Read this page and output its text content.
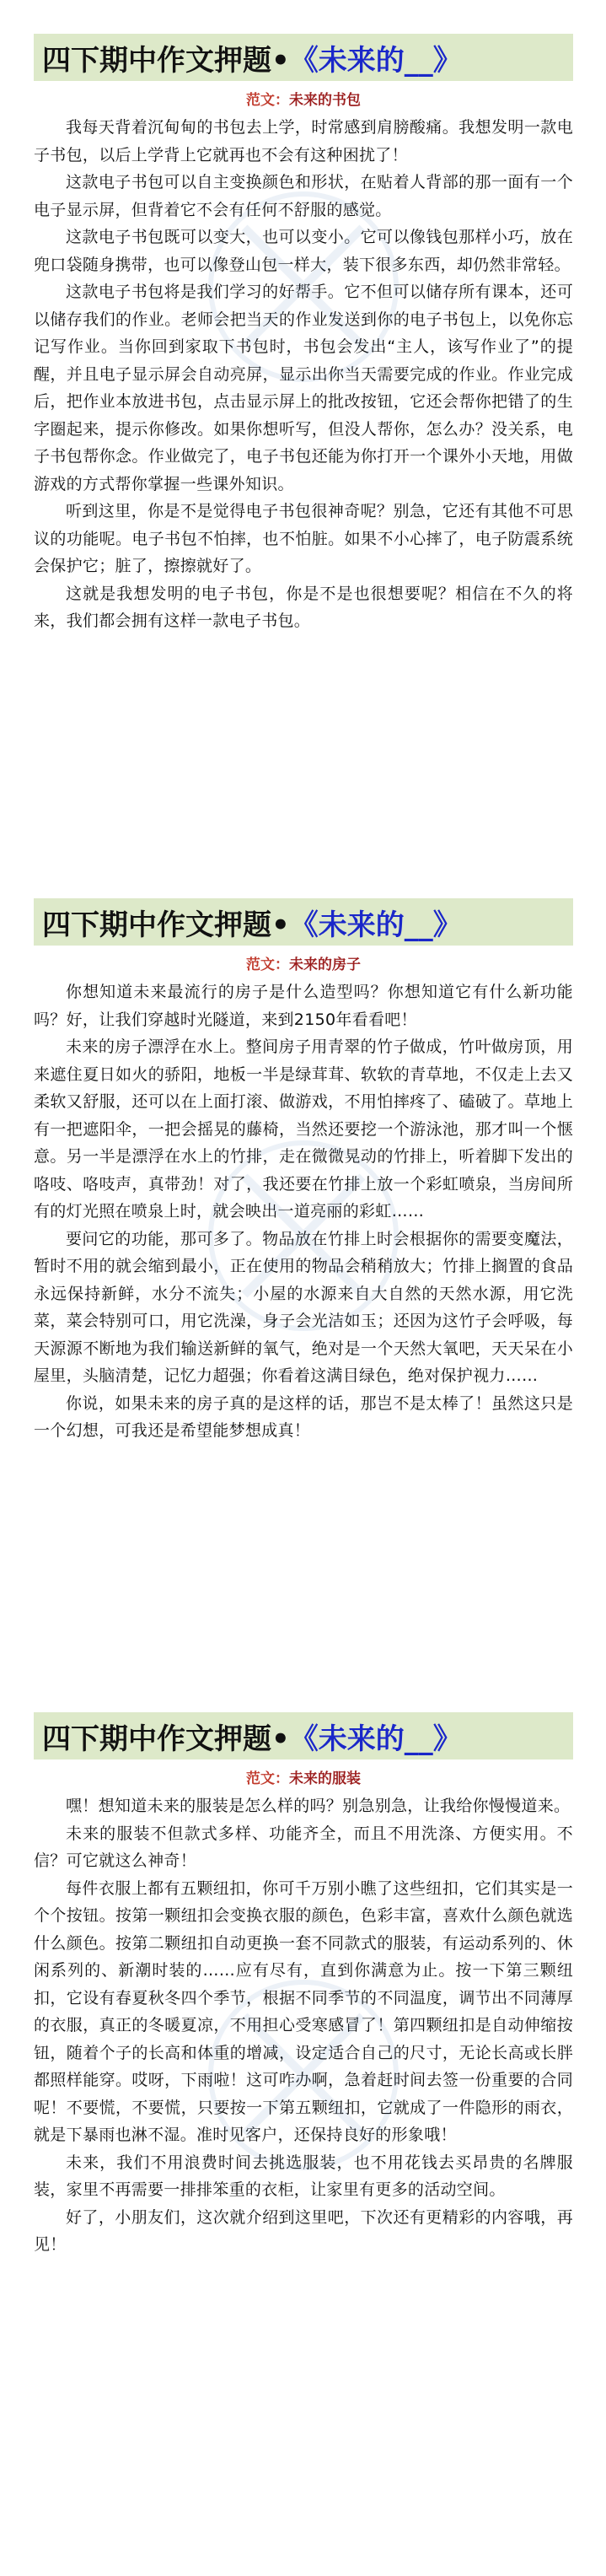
四下期中作文押题• 《未来的__》
范文：未来的书包

我每天背着沉甸甸的书包去上学，时常感到肩膀酸痛。我想发明一款电子书包，以后上学背上它就再也不会有这种困扰了！

这款电子书包可以自主变换颜色和形状，在贴着人背部的那一面有一个电子显示屏，但背着它不会有任何不舒服的感觉。

这款电子书包既可以变大，也可以变小。它可以像钱包那样小巧，放在兜口袋随身携带，也可以像登山包一样大，装下很多东西，却仍然非常轻。

这款电子书包将是我们学习的好帮手。它不但可以储存所有课本，还可以储存我们的作业。老师会把当天的作业发送到你的电子书包上，以免你忘记写作业。当你回到家取下书包时，书包会发出“主人，该写作业了”的提醒，并且电子显示屏会自动亮屏，显示出你当天需要完成的作业。作业完成后，把作业本放进书包，点击显示屏上的批改按钮，它还会帮你把错了的生字圈起来，提示你修改。如果你想听写，但没人帮你，怎么办？没关系，电子书包帮你念。作业做完了，电子书包还能为你打开一个课外小天地，用做游戏的方式帮你掌握一些课外知识。

听到这里，你是不是觉得电子书包很神奇呢？别急，它还有其他不可思议的功能呢。电子书包不怕摔，也不怕脏。如果不小心摔了，电子防震系统会保护它；脏了，擦擦就好了。

这就是我想发明的电子书包，你是不是也很想要呢？相信在不久的将来，我们都会拥有这样一款电子书包。

四下期中作文押题• 《未来的__》
范文：未来的房子

你想知道未来最流行的房子是什么造型吗？你想知道它有什么新功能吗？好，让我们穿越时光隧道，来到2150年看看吧！

未来的房子漂浮在水上。整间房子用青翠的竹子做成，竹叶做房顶，用来遮住夏日如火的骄阳，地板一半是绿茸茸、软软的青草地，不仅走上去又柔软又舒服，还可以在上面打滚、做游戏，不用怕摔疼了、磕破了。草地上有一把遮阳伞，一把会摇晃的藤椅，当然还要挖一个游泳池，那才叫一个惬意。另一半是漂浮在水上的竹排，走在微微晃动的竹排上，听着脚下发出的咯吱、咯吱声，真带劲！对了，我还要在竹排上放一个彩虹喷泉，当房间所有的灯光照在喷泉上时，就会映出一道亮丽的彩虹……

要问它的功能，那可多了。物品放在竹排上时会根据你的需要变魔法，暂时不用的就会缩到最小，正在使用的物品会稍稍放大；竹排上搁置的食品永远保持新鲜，水分不流失；小屋的水源来自大自然的天然水源，用它洗菜，菜会特别可口，用它洗澡，身子会光洁如玉；还因为这竹子会呼吸，每天源源不断地为我们输送新鲜的氧气，绝对是一个天然大氧吧，天天呆在小屋里，头脑清楚，记忆力超强；你看着这满目绿色，绝对保护视力……

你说，如果未来的房子真的是这样的话，那岂不是太棒了！虽然这只是一个幻想，可我还是希望能梦想成真！

四下期中作文押题• 《未来的__》
范文：未来的服装

嘿！想知道未来的服装是怎么样的吗？别急别急，让我给你慢慢道来。

未来的服装不但款式多样、功能齐全，而且不用洗涤、方便实用。不信？可它就这么神奇！

每件衣服上都有五颗纽扣，你可千万别小瞧了这些纽扣，它们其实是一个个按钮。按第一颗纽扣会变换衣服的颜色，色彩丰富，喜欢什么颜色就选什么颜色。按第二颗纽扣自动更换一套不同款式的服装，有运动系列的、休闲系列的、新潮时装的……应有尽有，直到你满意为止。按一下第三颗纽扣，它设有春夏秋冬四个季节，根据不同季节的不同温度，调节出不同薄厚的衣服，真正的冬暖夏凉，不用担心受寒感冒了！第四颗纽扣是自动伸缩按钮，随着个子的长高和体重的增减，设定适合自己的尺寸，无论长高或长胖都照样能穿。哎呀，下雨啦！这可咋办啊，急着赶时间去签一份重要的合同呢！不要慌，不要慌，只要按一下第五颗纽扣，它就成了一件隐形的雨衣，就是下暴雨也淋不湿。准时见客户，还保持良好的形象哦！

未来，我们不用浪费时间去挑选服装，也不用花钱去买昂贵的名牌服装，家里不再需要一排排笨重的衣柜，让家里有更多的活动空间。

好了，小朋友们，这次就介绍到这里吧，下次还有更精彩的内容哦，再见！
